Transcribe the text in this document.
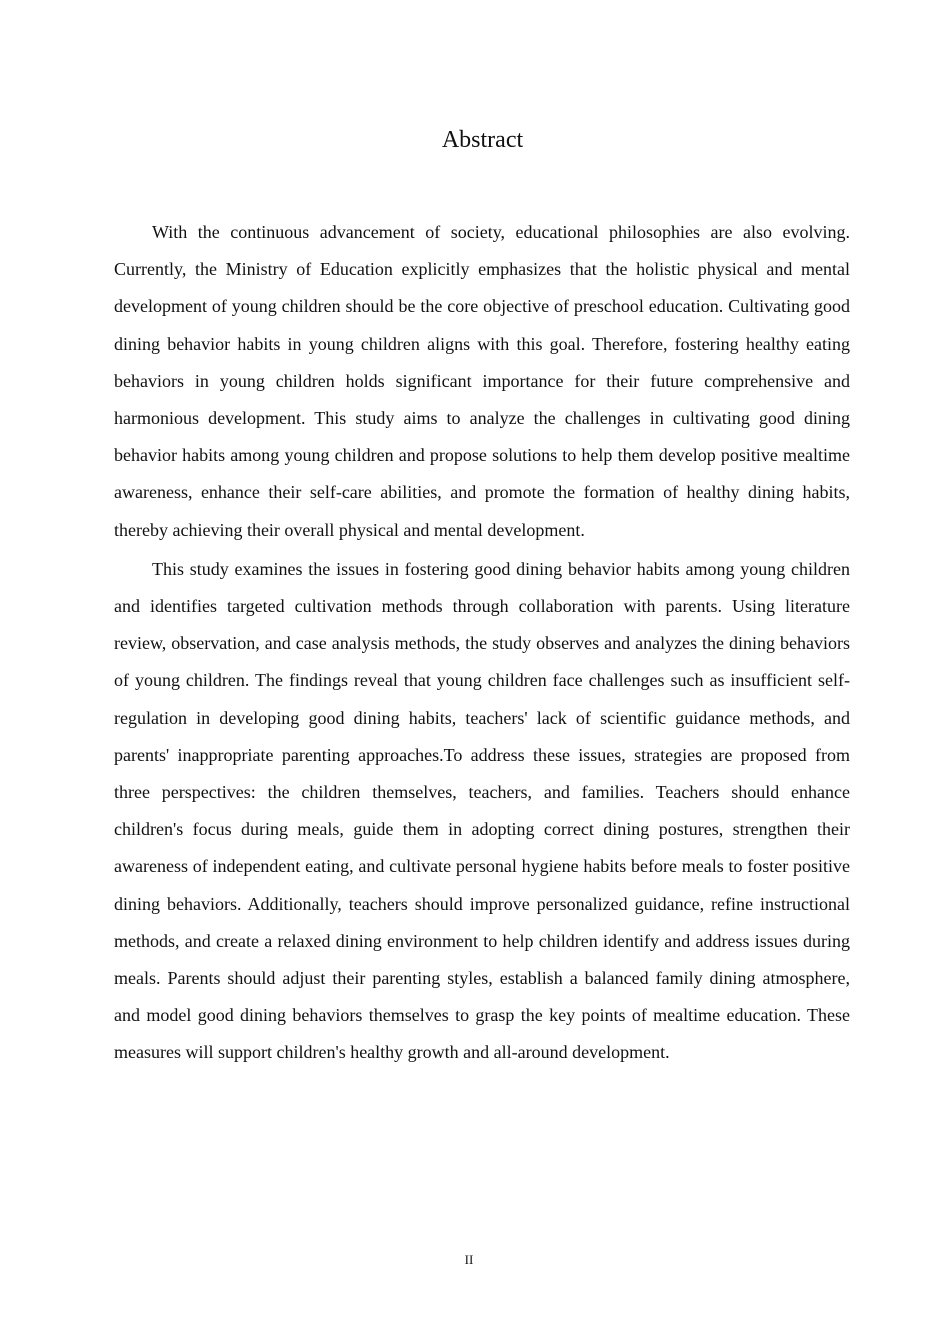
Abstract

With the continuous advancement of society, educational philosophies are also evolving. Currently, the Ministry of Education explicitly emphasizes that the holistic physical and mental development of young children should be the core objective of preschool education. Cultivating good dining behavior habits in young children aligns with this goal. Therefore, fostering healthy eating behaviors in young children holds significant importance for their future comprehensive and harmonious development. This study aims to analyze the challenges in cultivating good dining behavior habits among young children and propose solutions to help them develop positive mealtime awareness, enhance their self-care abilities, and promote the formation of healthy dining habits, thereby achieving their overall physical and mental development.

This study examines the issues in fostering good dining behavior habits among young children and identifies targeted cultivation methods through collaboration with parents. Using literature review, observation, and case analysis methods, the study observes and analyzes the dining behaviors of young children. The findings reveal that young children face challenges such as insufficient self-regulation in developing good dining habits, teachers' lack of scientific guidance methods, and parents' inappropriate parenting approaches.To address these issues, strategies are proposed from three perspectives: the children themselves, teachers, and families. Teachers should enhance children's focus during meals, guide them in adopting correct dining postures, strengthen their awareness of independent eating, and cultivate personal hygiene habits before meals to foster positive dining behaviors. Additionally, teachers should improve personalized guidance, refine instructional methods, and create a relaxed dining environment to help children identify and address issues during meals. Parents should adjust their parenting styles, establish a balanced family dining atmosphere, and model good dining behaviors themselves to grasp the key points of mealtime education. These measures will support children's healthy growth and all-around development.

II
